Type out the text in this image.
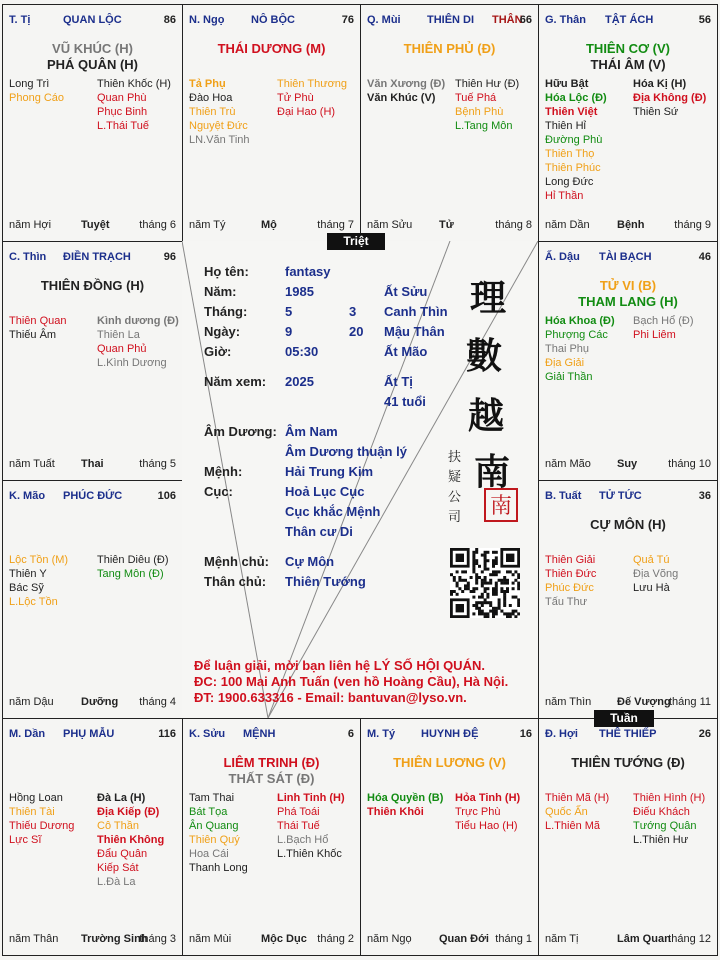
T. Tị	QUAN LỘC	86
VŨ KHÚC (H)
PHÁ QUÂN (H)
Long Trì
Phong Cáo
Thiên Khốc (H)
Quan Phù
Phục Binh
L.Thái Tuế
năm Hợi	Tuyệt	tháng 6
N. Ngọ NÔ BỘC	76
THÁI DƯƠNG (M)
Tả Phụ
Đào Hoa
Thiên Trù
Nguyệt Đức
LN.Văn Tinh
Thiên Thương
Tử Phù
Đại Hao (H)
năm Tý	Mộ	tháng 7
Q. Mùi THIÊN DI THÂN
66
THIÊN PHỦ (Đ)
Văn Xương (Đ)
Văn Khúc (V)
Thiên Hư (Đ)
Tuế Phá
Bệnh Phù
L.Tang Môn
năm Sửu Tử	tháng 8
G. Thân TẬT ÁCH	56
THIÊN CƠ (V)
THÁI ÂM (V)
Hữu Bật
Hóa Lộc (Đ)
Thiên Việt
Thiên Hỉ
Đường Phù
Thiên Thọ
Thiên Phúc
Long Đức
Hỉ Thần
Hóa Kị (H)
Địa Không (Đ)
Thiên Sứ
năm Dần Bệnh	tháng 9
C. Thìn ĐIỀN TRẠCH	96
THIÊN ĐỒNG (H)
Thiên Quan
Thiếu Âm
Kình dương (Đ)
Thiên La
Quan Phủ
L.Kình Dương
năm Tuất Thai	tháng 5
Ấ. Dậu TÀI BẠCH	46
TỬ VI (B)
THAM LANG (H)
Hóa Khoa (Đ)
Phượng Các
Thai Phụ
Địa Giải
Giải Thần
Bạch Hổ (Đ)
Phi Liêm
năm Mão Suy	tháng 10
K. Mão PHÚC ĐỨC	106
Lộc Tồn (M)
Thiên Y
Bác Sỹ
L.Lộc Tồn
Thiên Diêu (Đ)
Tang Môn (Đ)
năm Dậu Dưỡng tháng 4
B. Tuất TỬ TỨC	36
CỰ MÔN (H)
Thiên Giải
Thiên Đức
Phúc Đức
Tấu Thư
Quả Tú
Địa Võng
Lưu Hà
năm Thìn Đế Vượng
tháng 11
M. Dần PHỤ MẪU	116
Hồng Loan
Thiên Tài
Thiếu Dương
Lực Sĩ
Đà La (H)
Địa Kiếp (Đ)
Cô Thần
Thiên Không
Đẩu Quân
Kiếp Sát
L.Đà La
năm Thân Trường Sinh
tháng 3
K. Sửu MỆNH	6
LIÊM TRINH (Đ)
THẤT SÁT (Đ)
Tam Thai
Bát Tọa
Ân Quang
Thiên Quý
Hoa Cái
Thanh Long
Linh Tinh (H)
Phá Toái
Thái Tuế
L.Bạch Hổ
L.Thiên Khốc
năm Mùi	Mộc Dục tháng 2
M. Tý HUYNH ĐỆ	16
THIÊN LƯƠNG (V)
Hóa Quyền (B)
Thiên Khôi
Hỏa Tinh (H)
Trực Phù
Tiểu Hao (H)
năm Ngọ Quan Đới tháng 1
Đ. Hợi THÊ THIẾP	26
THIÊN TƯỚNG (Đ)
Thiên Mã (H)
Quốc Ấn
L.Thiên Mã
Thiên Hình (H)
Điếu Khách
Tướng Quân
L.Thiên Hư
năm Tị	Lâm Quan
tháng 12
Họ tên:	fantasy
Năm:	1985	Ất Sửu
Tháng:	5	3 Canh Thìn
Ngày:	9	20 Mậu Thân
Giờ:	05:30	Ất Mão
Năm xem: 2025	Ất Tị
41 tuổi
Âm Dương: Âm Nam
Âm Dương thuận lý
Mệnh:	Hải Trung Kim
Cục:	Hoả Lục Cục
Cục khắc Mệnh
Thân cư Di
Mệnh chủ: Cự Môn
Thân chủ: Thiên Tướng
理
數
越
南
扶
疑
公
司 南
Để luận giải, mời bạn liên hệ LÝ SỐ HỘI QUÁN.
ĐC: 100 Mai Anh Tuấn (ven hồ Hoàng Cầu), Hà Nội.
ĐT: 1900.633316 - Email: bantuvan@lyso.vn.
Triệt
Tuần
